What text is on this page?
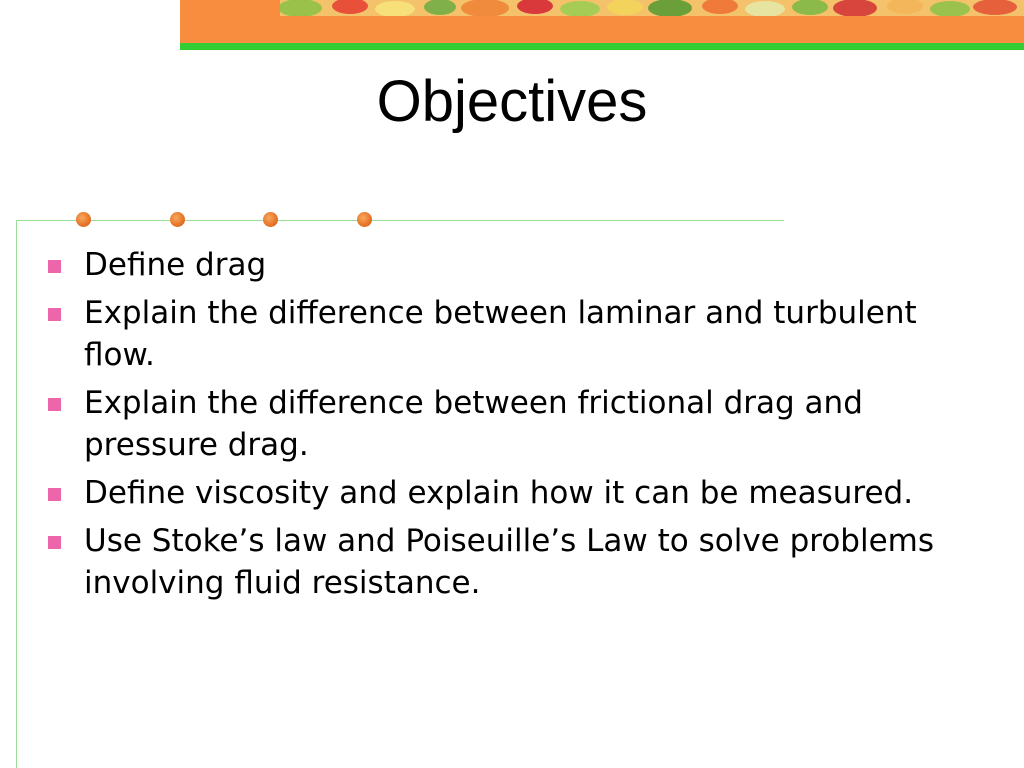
Objectives
Define drag
Explain the difference between laminar and turbulent flow.
Explain the difference between frictional drag and pressure drag.
Define viscosity and explain how it can be measured.
Use Stoke’s law and Poiseuille’s Law to solve problems involving fluid resistance.
